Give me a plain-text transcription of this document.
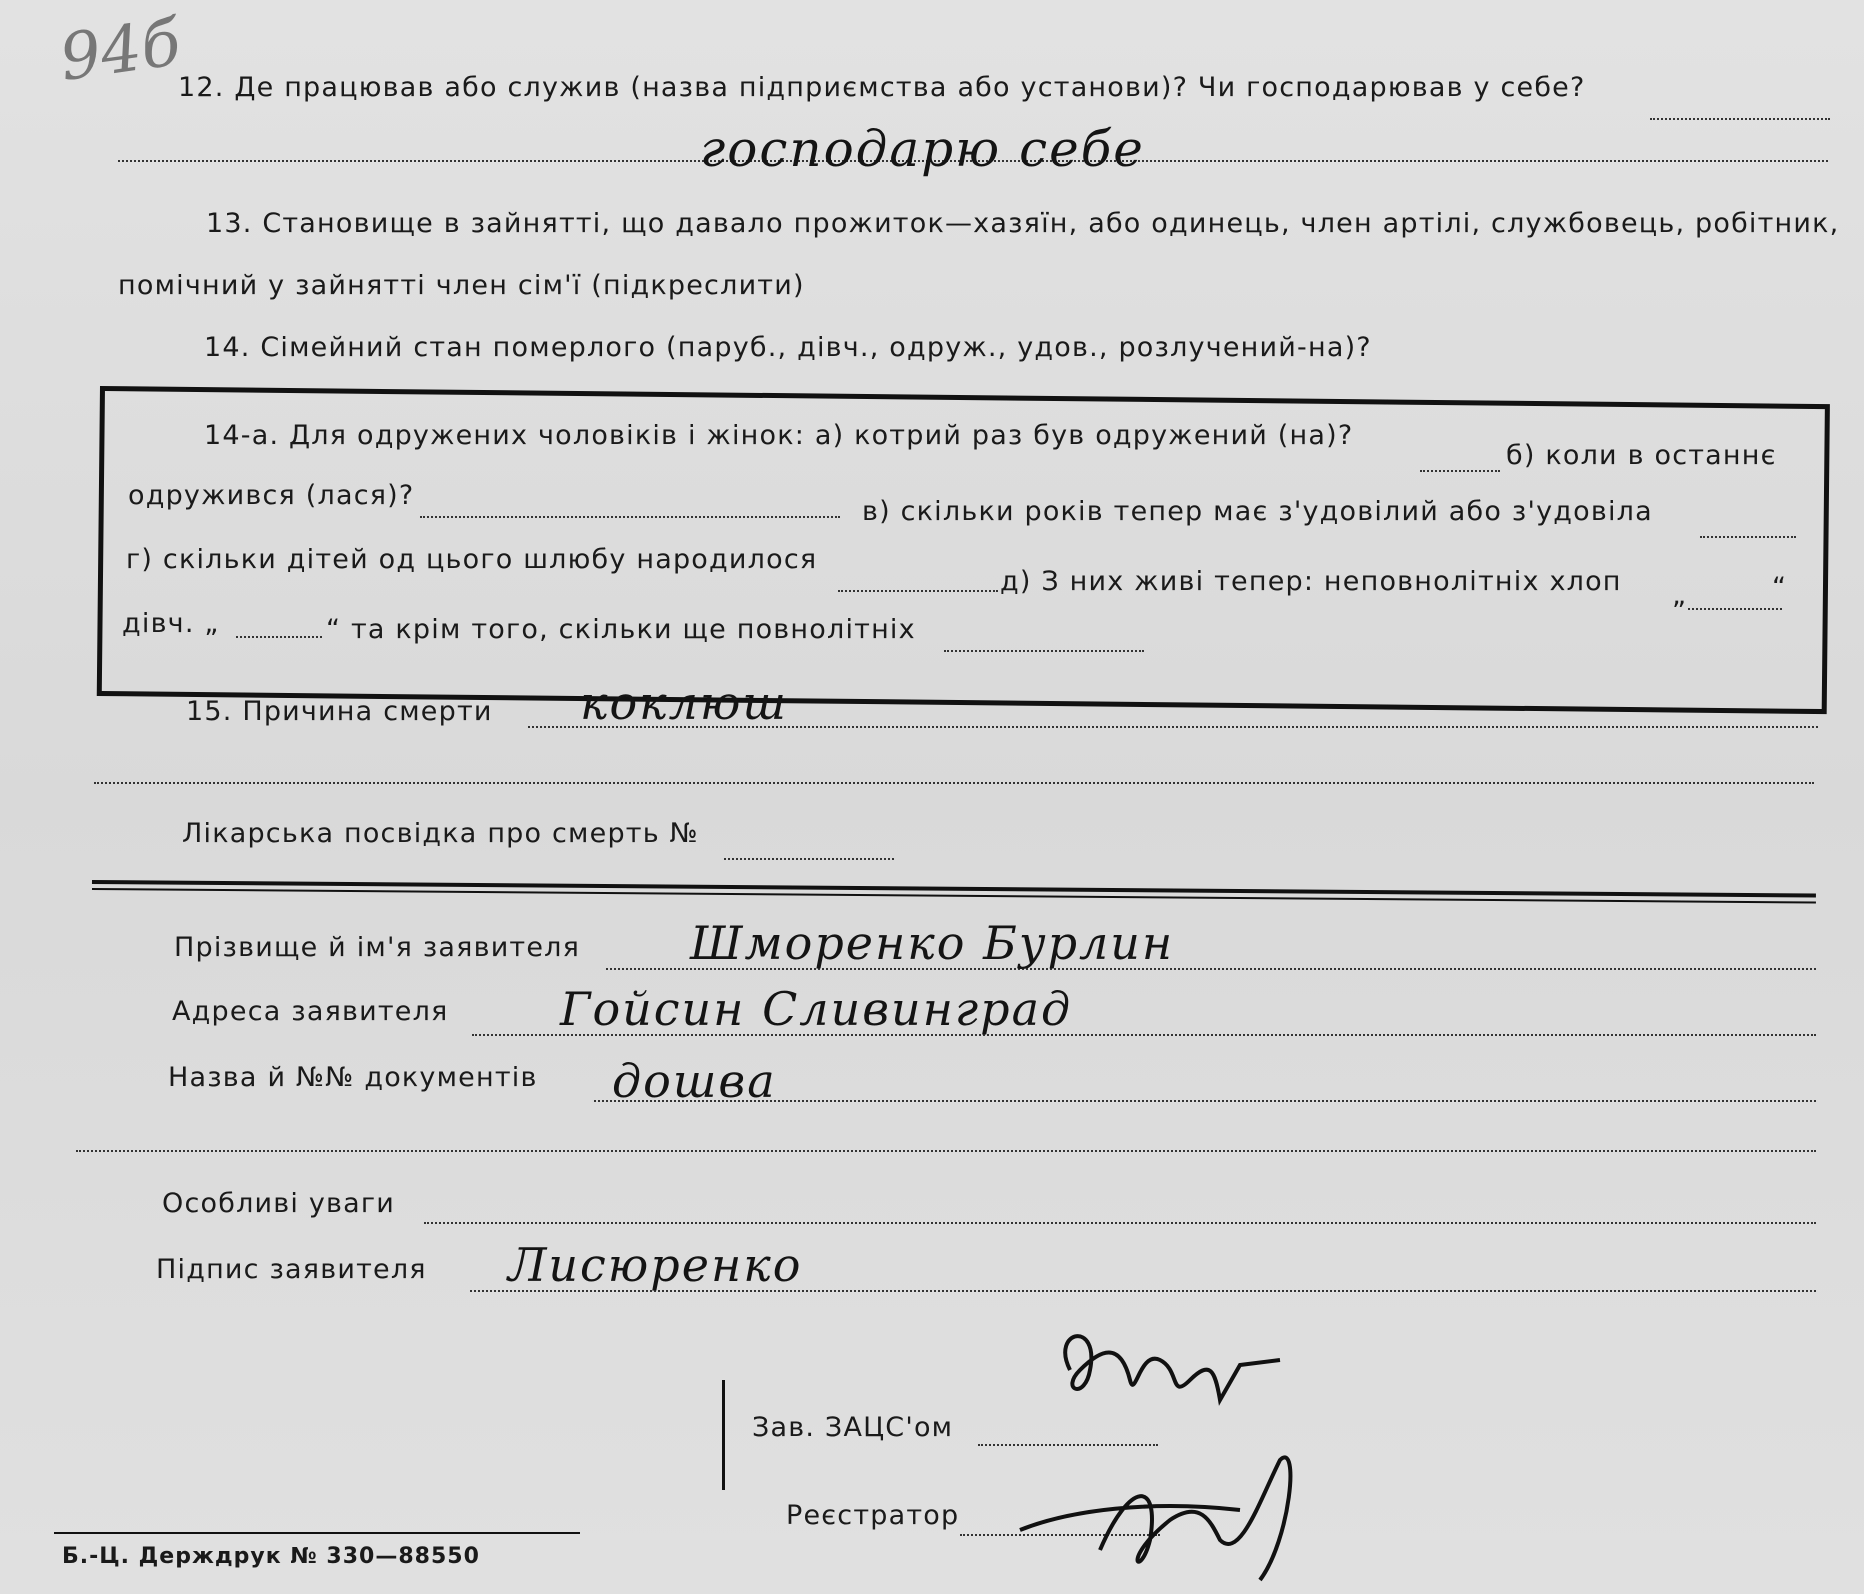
94б
12. Де працював або служив (назва підприємства або установи)? Чи господарював у себе?
господарю себе
13. Становище в зайнятті, що давало прожиток—хазяїн, або одинець, член артілі, службовець, робітник,
помічний у зайнятті член сім'ї (підкреслити)
14. Сімейний стан померлого (паруб., дівч., одруж., удов., розлучений-на)?
14-а. Для одружених чоловіків і жінок: а) котрий раз був одружений (на)?
б) коли в останнє
одружився (лася)?
в) скільки років тепер має з'удовілий або з'удовіла
г) скільки дітей од цього шлюбу народилося
д) З них живі тепер: неповнолітніх хлоп „	“
дівч. „	“ та крім того, скільки ще повнолітніх
15. Причина смерти коклюш
Лікарська посвідка про смерть №
Прізвище й ім'я заявителя Шморенко Бурлин
Адреса заявителя Гойсин Сливинград
Назва й №№ документів дошва
Особливі уваги
Підпис заявителя Лисюренко
Зав. ЗАЦС'ом
Реєстратор
Б.-Ц. Держдрук № 330—88550
